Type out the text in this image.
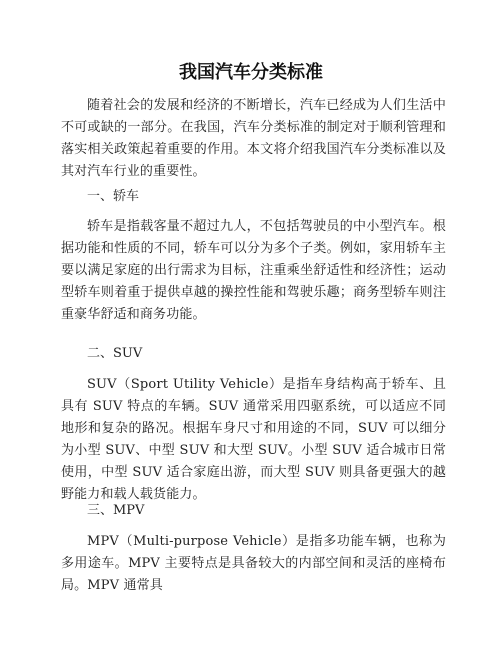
我国汽车分类标准
随着社会的发展和经济的不断增长，汽车已经成为人们生活中不可或缺的一部分。在我国，汽车分类标准的制定对于顺利管理和落实相关政策起着重要的作用。本文将介绍我国汽车分类标准以及其对汽车行业的重要性。
一、轿车
轿车是指载客量不超过九人，不包括驾驶员的中小型汽车。根据功能和性质的不同，轿车可以分为多个子类。例如，家用轿车主要以满足家庭的出行需求为目标，注重乘坐舒适性和经济性；运动型轿车则着重于提供卓越的操控性能和驾驶乐趣；商务型轿车则注重豪华舒适和商务功能。
二、SUV
SUV（Sport Utility Vehicle）是指车身结构高于轿车、且具有 SUV 特点的车辆。SUV 通常采用四驱系统，可以适应不同地形和复杂的路况。根据车身尺寸和用途的不同，SUV 可以细分为小型 SUV、中型 SUV 和大型 SUV。小型 SUV 适合城市日常使用，中型 SUV 适合家庭出游，而大型 SUV 则具备更强大的越野能力和载人载货能力。
三、MPV
MPV（Multi-purpose Vehicle）是指多功能车辆，也称为多用途车。MPV 主要特点是具备较大的内部空间和灵活的座椅布局。MPV 通常具
